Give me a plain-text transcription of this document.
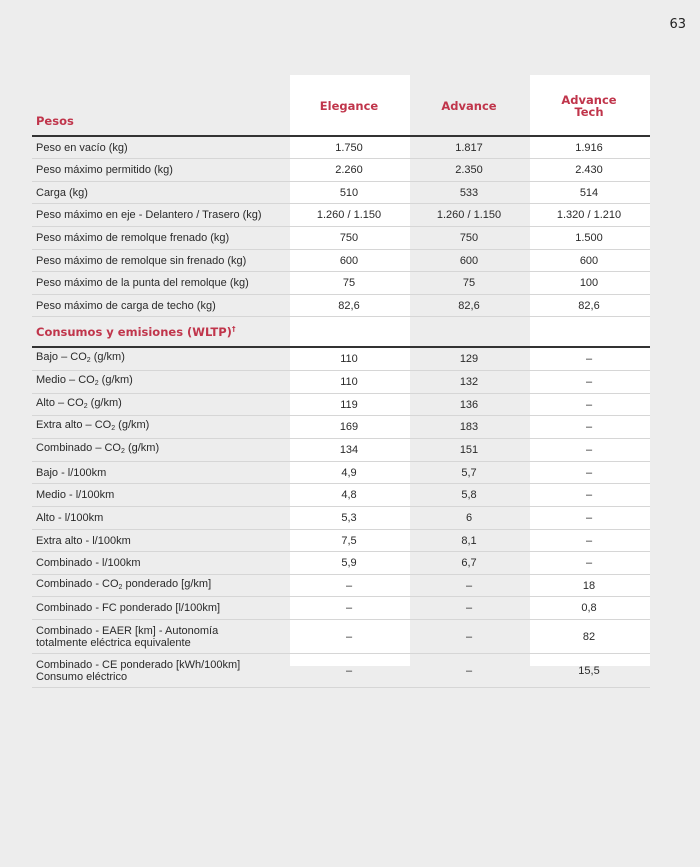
63
Pesos
Elegance	Advance	Advance Tech
Peso en vacío (kg)	1.750	1.817	1.916
Peso máximo permitido (kg)	2.260	2.350	2.430
Carga (kg)	510	533	514
Peso máximo en eje - Delantero / Trasero (kg)	1.260 / 1.150	1.260 / 1.150	1.320 / 1.210
Peso máximo de remolque frenado (kg)	750	750	1.500
Peso máximo de remolque sin frenado (kg)	600	600	600
Peso máximo de la punta del remolque (kg)	75	75	100
Peso máximo de carga de techo (kg)	82,6	82,6	82,6
Consumos y emisiones (WLTP)†
Bajo – $CO_2$ (g/km)	110	129	–
Medio – $CO_2$ (g/km)	110	132	–
Alto – $CO_2$ (g/km)	119	136	–
Extra alto – $CO_2$ (g/km)	169	183	–
Combinado – $CO_2$ (g/km)	134	151	–
Bajo - l/100km	4,9	5,7	–
Medio - l/100km	4,8	5,8	–
Alto - l/100km	5,3	6	–
Extra alto - l/100km	7,5	8,1	–
Combinado - l/100km	5,9	6,7	–
Combinado - $CO_2$ ponderado [g/km]	–	–	18
Combinado - FC ponderado [l/100km]	–	–	0,8
Combinado - EAER [km] - Autonomía totalmente eléctrica equivalente	–	–	82
Combinado - CE ponderado [kWh/100km] Consumo eléctrico	–	–	15,5
